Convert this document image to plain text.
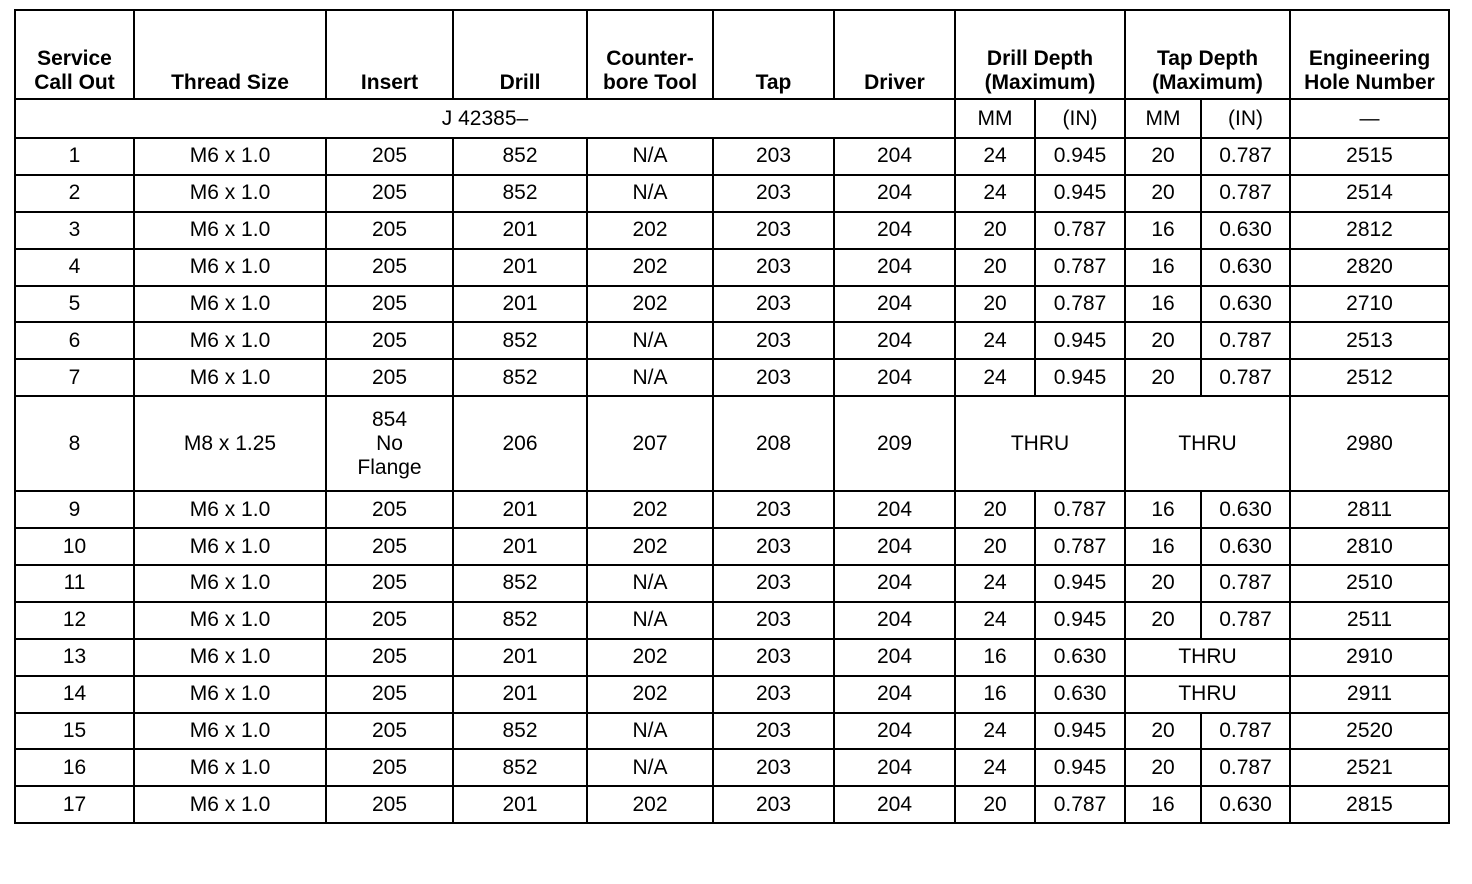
Service Call Out	Thread Size	Insert	Drill	Counter-bore Tool	Tap	Driver	Drill Depth (Maximum)		Tap Depth (Maximum)		Engineering Hole Number
J 42385–							MM	(IN)	MM	(IN)	—
1	M6 x 1.0	205	852	N/A	203	204	24	0.945	20	0.787	2515
2	M6 x 1.0	205	852	N/A	203	204	24	0.945	20	0.787	2514
3	M6 x 1.0	205	201	202	203	204	20	0.787	16	0.630	2812
4	M6 x 1.0	205	201	202	203	204	20	0.787	16	0.630	2820
5	M6 x 1.0	205	201	202	203	204	20	0.787	16	0.630	2710
6	M6 x 1.0	205	852	N/A	203	204	24	0.945	20	0.787	2513
7	M6 x 1.0	205	852	N/A	203	204	24	0.945	20	0.787	2512
8	M8 x 1.25	854
No
Flange	206	207	208	209	THRU		THRU		2980
9	M6 x 1.0	205	201	202	203	204	20	0.787	16	0.630	2811
10	M6 x 1.0	205	201	202	203	204	20	0.787	16	0.630	2810
11	M6 x 1.0	205	852	N/A	203	204	24	0.945	20	0.787	2510
12	M6 x 1.0	205	852	N/A	203	204	24	0.945	20	0.787	2511
13	M6 x 1.0	205	201	202	203	204	16	0.630	THRU		2910
14	M6 x 1.0	205	201	202	203	204	16	0.630	THRU		2911
15	M6 x 1.0	205	852	N/A	203	204	24	0.945	20	0.787	2520
16	M6 x 1.0	205	852	N/A	203	204	24	0.945	20	0.787	2521
17	M6 x 1.0	205	201	202	203	204	20	0.787	16	0.630	2815
